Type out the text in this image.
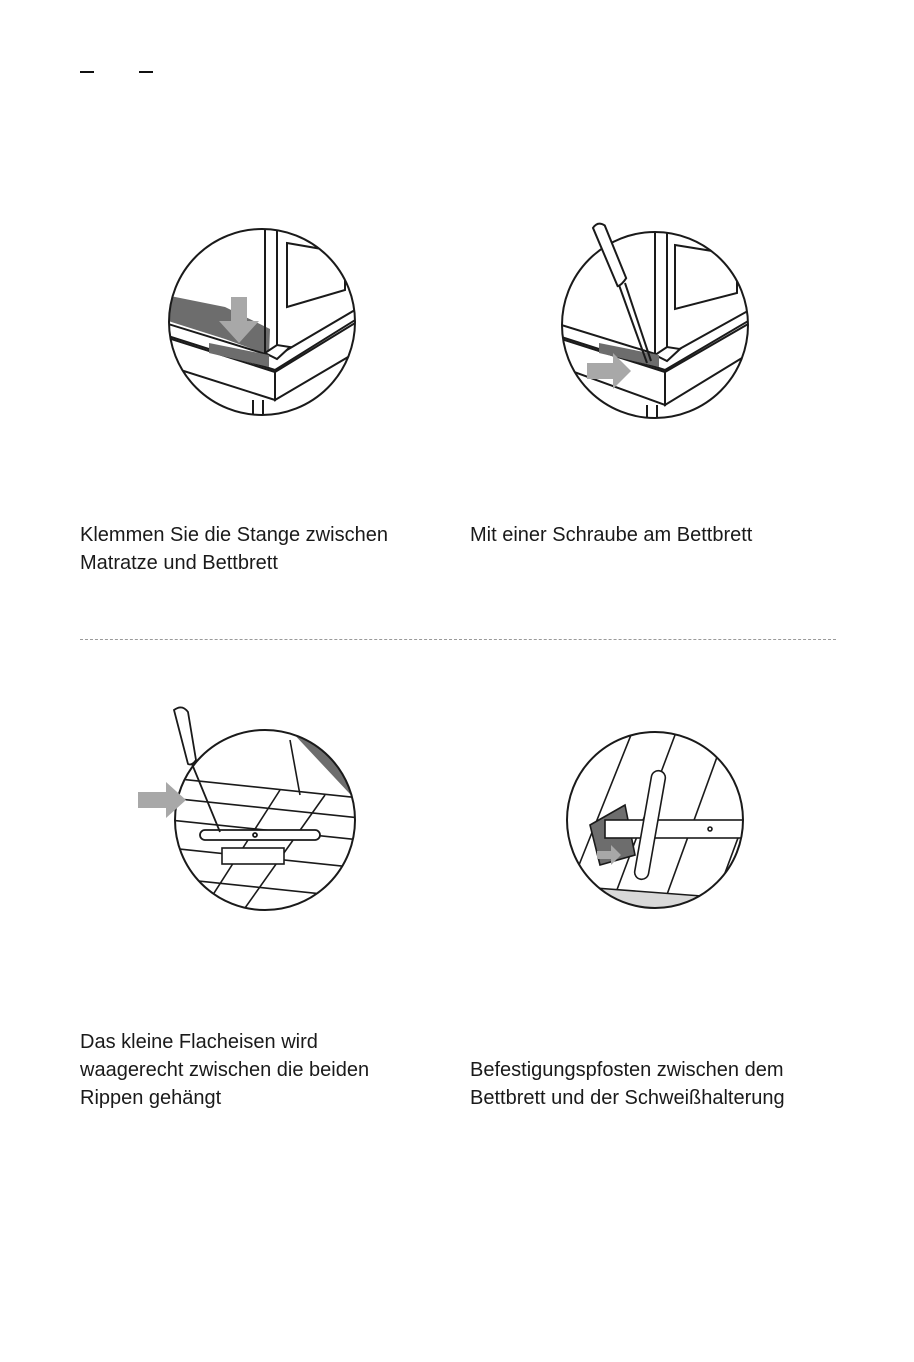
Klemmen Sie die Stange zwischen
Matratze und Bettbrett

Mit einer Schraube am Bettbrett

Das kleine Flacheisen wird
waagerecht zwischen die beiden
Rippen gehängt

Befestigungspfosten zwischen dem
Bettbrett und der Schweißhalterung
